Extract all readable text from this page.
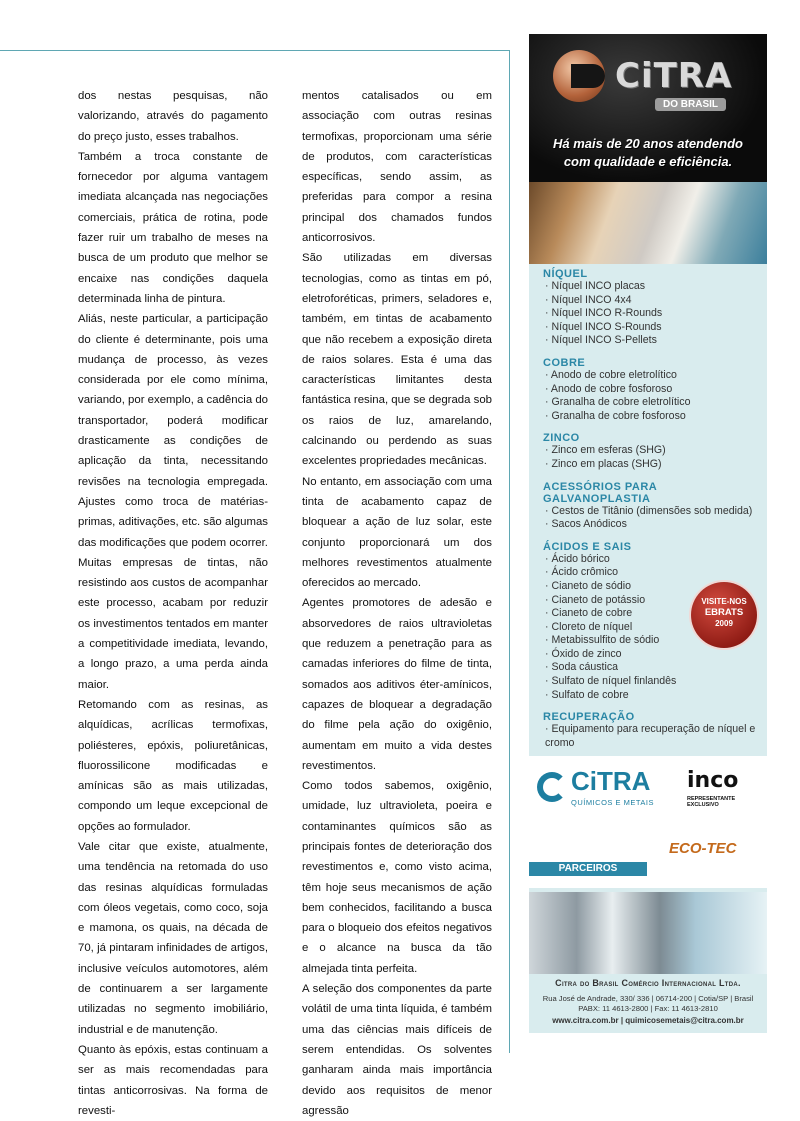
dos nestas pesquisas, não valorizando, através do pagamento do preço justo, esses trabalhos.

Também a troca constante de fornecedor por alguma vantagem imediata alcançada nas negociações comerciais, prática de rotina, pode fazer ruir um trabalho de meses na busca de um produto que melhor se encaixe nas condições daquela determinada linha de pintura.

Aliás, neste particular, a participação do cliente é determinante, pois uma mudança de processo, às vezes considerada por ele como mínima, variando, por exemplo, a cadência do transportador, poderá modificar drasticamente as condições de aplicação da tinta, necessitando revisões na tecnologia empregada. Ajustes como troca de matérias-primas, aditivações, etc. são algumas das modificações que podem ocorrer.

Muitas empresas de tintas, não resistindo aos custos de acompanhar este processo, acabam por reduzir os investimentos tentados em manter a competitividade imediata, levando, a longo prazo, a uma perda ainda maior.

Retomando com as resinas, as alquídicas, acrílicas termofixas, poliésteres, epóxis, poliuretânicas, fluorossilicone modificadas e amínicas são as mais utilizadas, compondo um leque excepcional de opções ao formulador.

Vale citar que existe, atualmente, uma tendência na retomada do uso das resinas alquídicas formuladas com óleos vegetais, como coco, soja e mamona, os quais, na década de 70, já pintaram infinidades de artigos, inclusive veículos automotores, além de continuarem a ser largamente utilizadas no segmento imobiliário, industrial e de manutenção.

Quanto às epóxis, estas continuam a ser as mais recomendadas para tintas anticorrosivas. Na forma de revesti-

mentos catalisados ou em associação com outras resinas termofixas, proporcionam uma série de produtos, com características específicas, sendo assim, as preferidas para compor a resina principal dos chamados fundos anticorrosivos.

São utilizadas em diversas tecnologias, como as tintas em pó, eletroforéticas, primers, seladores e, também, em tintas de acabamento que não recebem a exposição direta de raios solares. Esta é uma das características limitantes desta fantástica resina, que se degrada sob os raios de luz, amarelando, calcinando ou perdendo as suas excelentes propriedades mecânicas.

No entanto, em associação com uma tinta de acabamento capaz de bloquear a ação de luz solar, este conjunto proporcionará um dos melhores revestimentos atualmente oferecidos ao mercado.

Agentes promotores de adesão e absorvedores de raios ultravioletas que reduzem a penetração para as camadas inferiores do filme de tinta, somados aos aditivos éter-amínicos, capazes de bloquear a degradação do filme pela ação do oxigênio, aumentam em muito a vida destes revestimentos.

Como todos sabemos, oxigênio, umidade, luz ultravioleta, poeira e contaminantes químicos são as principais fontes de deterioração dos revestimentos e, como visto acima, têm hoje seus mecanismos de ação bem conhecidos, facilitando a busca para o bloqueio dos efeitos negativos e o alcance na busca da tão almejada tinta perfeita.

A seleção dos componentes da parte volátil de uma tinta líquida, é também uma das ciências mais difíceis de serem entendidas. Os solventes ganharam ainda mais importância devido aos requisitos de menor agressão

CiTRA
DO BRASIL
Há mais de 20 anos atendendo
com qualidade e eficiência.
NÍQUEL
· Níquel INCO placas
· Níquel INCO 4x4
· Níquel INCO R-Rounds
· Níquel INCO S-Rounds
· Níquel INCO S-Pellets
COBRE
· Anodo de cobre eletrolítico
· Anodo de cobre fosforoso
· Granalha de cobre eletrolítico
· Granalha de cobre fosforoso
ZINCO
· Zinco em esferas (SHG)
· Zinco em placas (SHG)
ACESSÓRIOS PARA GALVANOPLASTIA
· Cestos de Titânio (dimensões sob medida)
· Sacos Anódicos
ÁCIDOS E SAIS
· Ácido bórico
· Ácido crômico
· Cianeto de sódio
· Cianeto de potássio
· Cianeto de cobre
· Cloreto de níquel
· Metabissulfito de sódio
· Óxido de zinco
· Soda cáustica
· Sulfato de níquel finlandês
· Sulfato de cobre
RECUPERAÇÃO
· Equipamento para recuperação de níquel e cromo
VISITE-NOS
EBRATS
2009
CiTRA
QUÍMICOS E METAIS
inco
REPRESENTANTE EXCLUSIVO
ECO-TEC
PARCEIROS
Citra do Brasil Comércio Internacional Ltda.
Rua José de Andrade, 330/ 336 | 06714-200 | Cotia/SP | Brasil
PABX: 11 4613-2800 | Fax: 11 4613-2810
www.citra.com.br | quimicosemetais@citra.com.br
